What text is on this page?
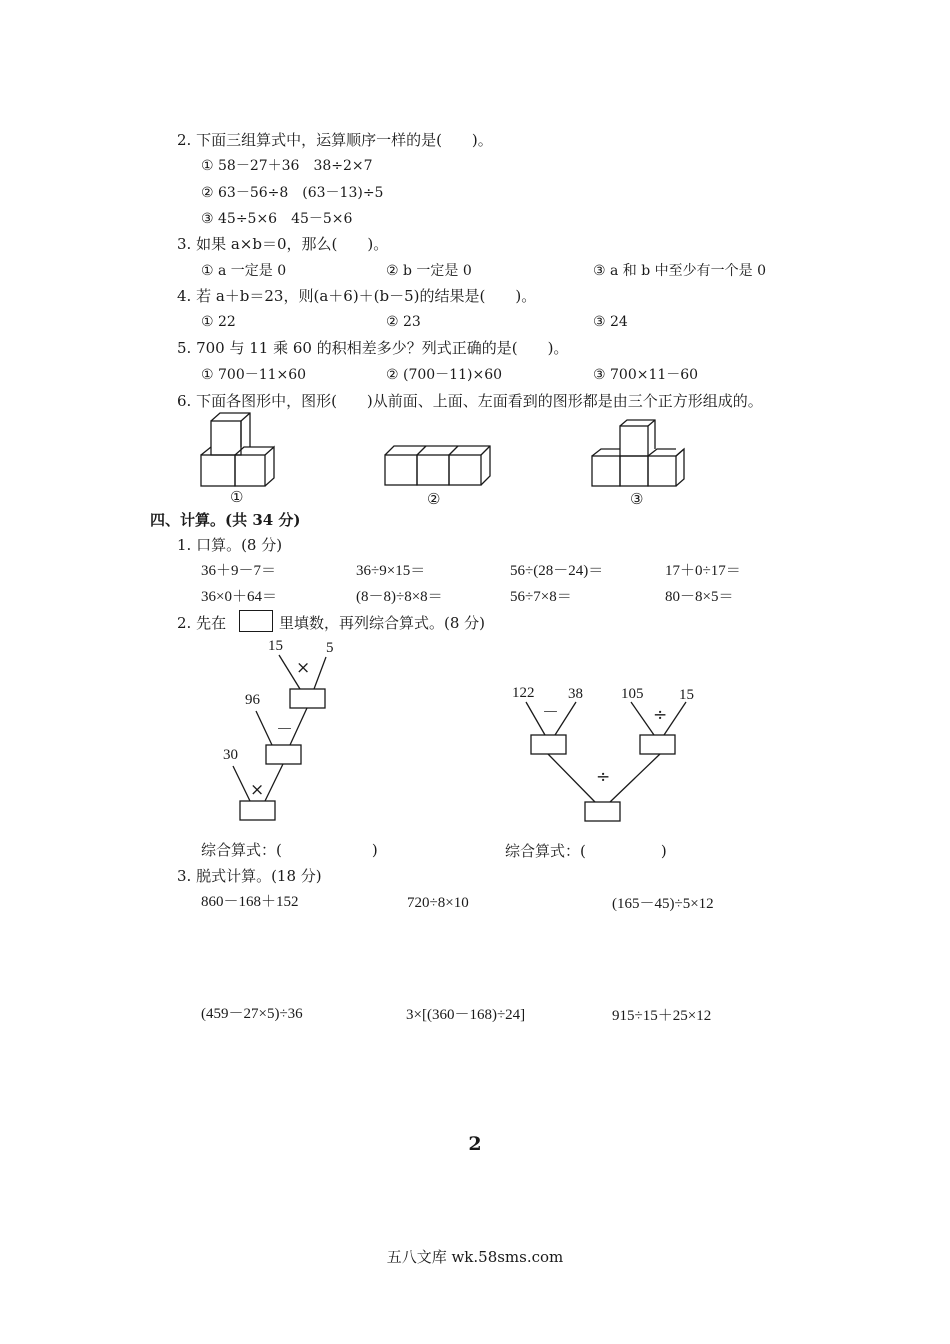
2. 下面三组算式中，运算顺序一样的是(　　)。
① 58－27＋36　38÷2×7
② 63－56÷8　(63－13)÷5
③ 45÷5×6　45－5×6
3. 如果 a×b＝0，那么(　　)。
① a 一定是 0	② b 一定是 0	③ a 和 b 中至少有一个是 0
4. 若 a＋b＝23，则(a＋6)＋(b－5)的结果是(　　)。
① 22	② 23	③ 24
5. 700 与 11 乘 60 的积相差多少？列式正确的是(　　)。
① 700－11×60	② (700－11)×60	③ 700×11－60
6. 下面各图形中，图形(　　)从前面、上面、左面看到的图形都是由三个正方形组成的。
①	②	③
四、计算。(共 34 分)
1. 口算。(8 分)
36＋9－7＝	36÷9×15＝	56÷(28－24)＝	17＋0÷17＝
36×0＋64＝	(8－8)÷8×8＝	56÷7×8＝	80－8×5＝
2. 先在	里填数，再列综合算式。(8 分)
15	5
×
96
－
30
×
122 38
－
105 15
÷
÷
综合算式：(　　　　　　)	综合算式：(　　　　　)
3. 脱式计算。(18 分)
860－168＋152	720÷8×10	(165－45)÷5×12
(459－27×5)÷36	3×[(360－168)÷24]	915÷15＋25×12
2
五八文库 wk.58sms.com
